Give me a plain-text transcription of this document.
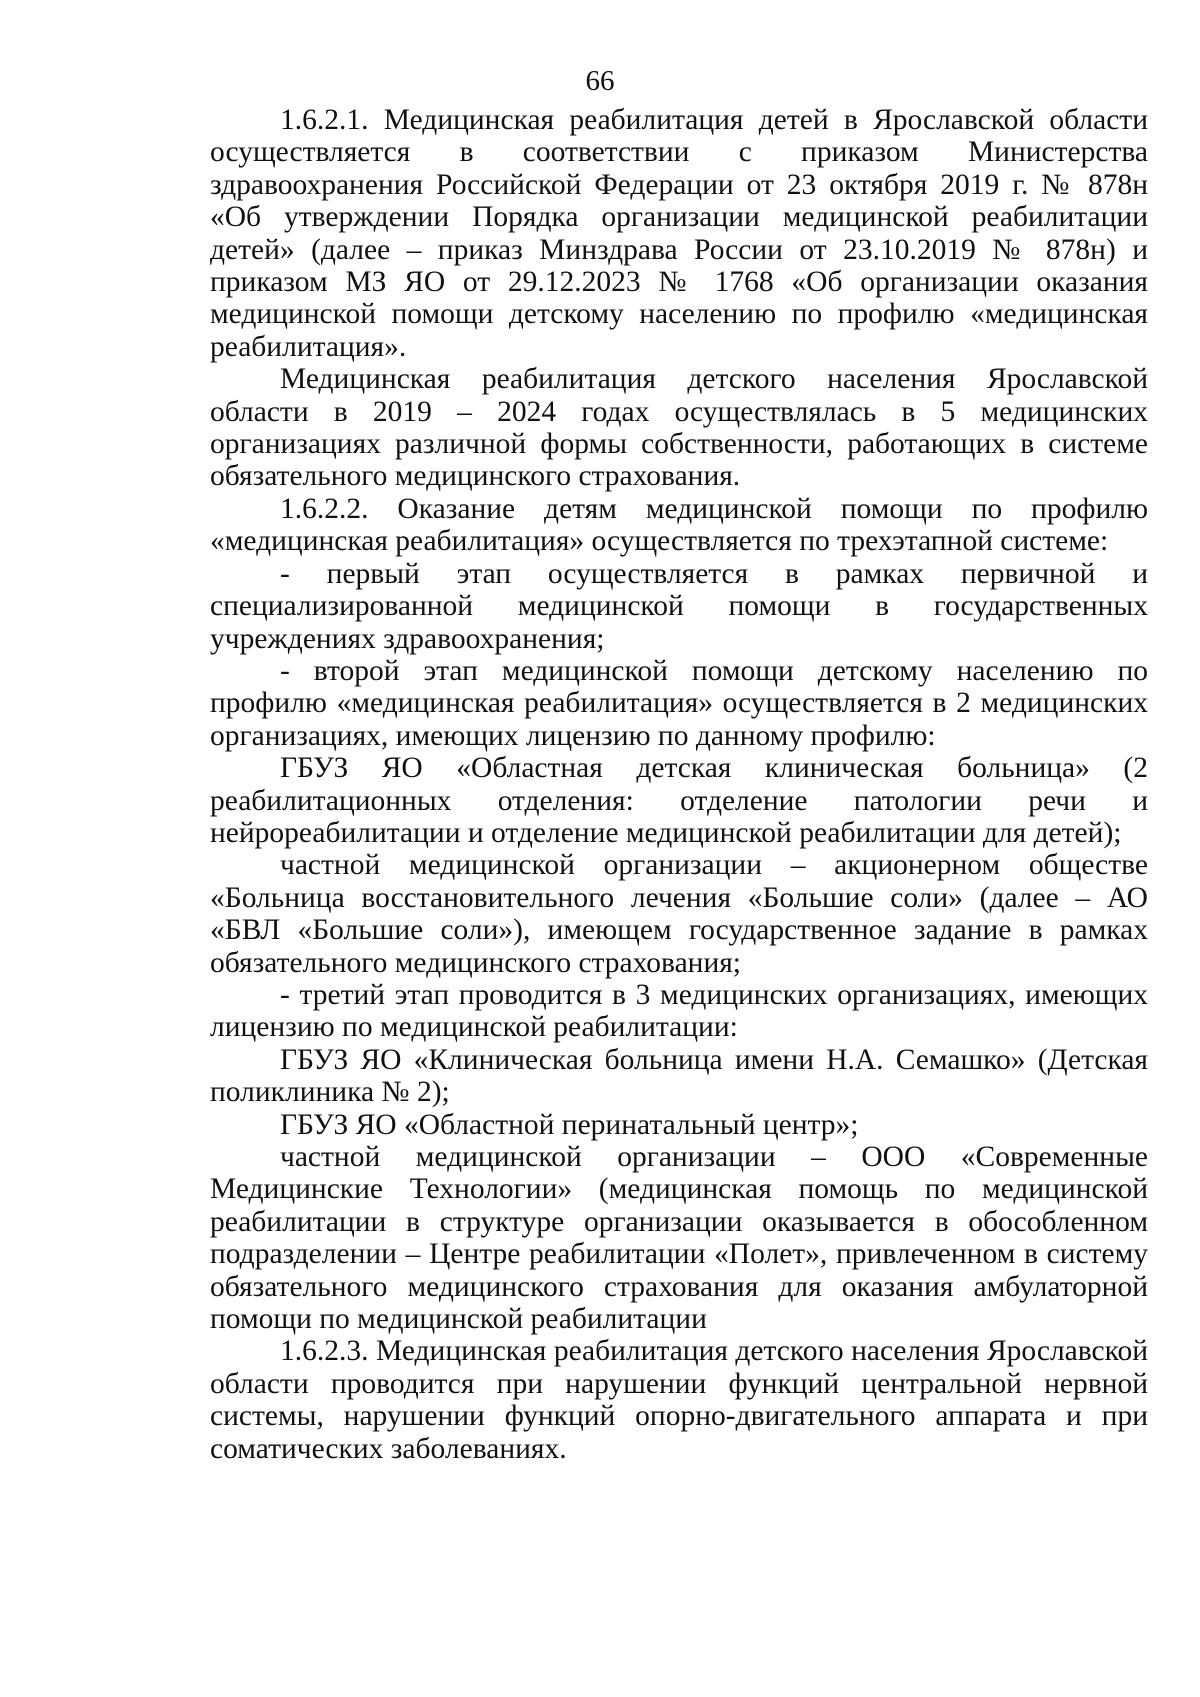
66

1.6.2.1. Медицинская реабилитация детей в Ярославской области осуществляется в соответствии с приказом Министерства здравоохранения Российской Федерации от 23 октября 2019 г. № 878н «Об утверждении Порядка организации медицинской реабилитации детей» (далее – приказ Минздрава России от 23.10.2019 № 878н) и приказом МЗ ЯО от 29.12.2023 № 1768 «Об организации оказания медицинской помощи детскому населению по профилю «медицинская реабилитация».

Медицинская реабилитация детского населения Ярославской области в 2019 – 2024 годах осуществлялась в 5 медицинских организациях различной формы собственности, работающих в системе обязательного медицинского страхования.

1.6.2.2. Оказание детям медицинской помощи по профилю «медицинская реабилитация» осуществляется по трехэтапной системе:

- первый этап осуществляется в рамках первичной и специализированной медицинской помощи в государственных учреждениях здравоохранения;

- второй этап медицинской помощи детскому населению по профилю «медицинская реабилитация» осуществляется в 2 медицинских организациях, имеющих лицензию по данному профилю:

ГБУЗ ЯО «Областная детская клиническая больница» (2 реабилитационных отделения: отделение патологии речи и нейрореабилитации и отделение медицинской реабилитации для детей);

частной медицинской организации – акционерном обществе «Больница восстановительного лечения «Большие соли» (далее – АО «БВЛ «Большие соли»), имеющем государственное задание в рамках обязательного медицинского страхования;

- третий этап проводится в 3 медицинских организациях, имеющих лицензию по медицинской реабилитации:

ГБУЗ ЯО «Клиническая больница имени Н.А. Семашко» (Детская поликлиника № 2);

ГБУЗ ЯО «Областной перинатальный центр»;

частной медицинской организации – ООО «Современные Медицинские Технологии» (медицинская помощь по медицинской реабилитации в структуре организации оказывается в обособленном подразделении – Центре реабилитации «Полет», привлеченном в систему обязательного медицинского страхования для оказания амбулаторной помощи по медицинской реабилитации

1.6.2.3. Медицинская реабилитация детского населения Ярославской области проводится при нарушении функций центральной нервной системы, нарушении функций опорно-двигательного аппарата и при соматических заболеваниях.
